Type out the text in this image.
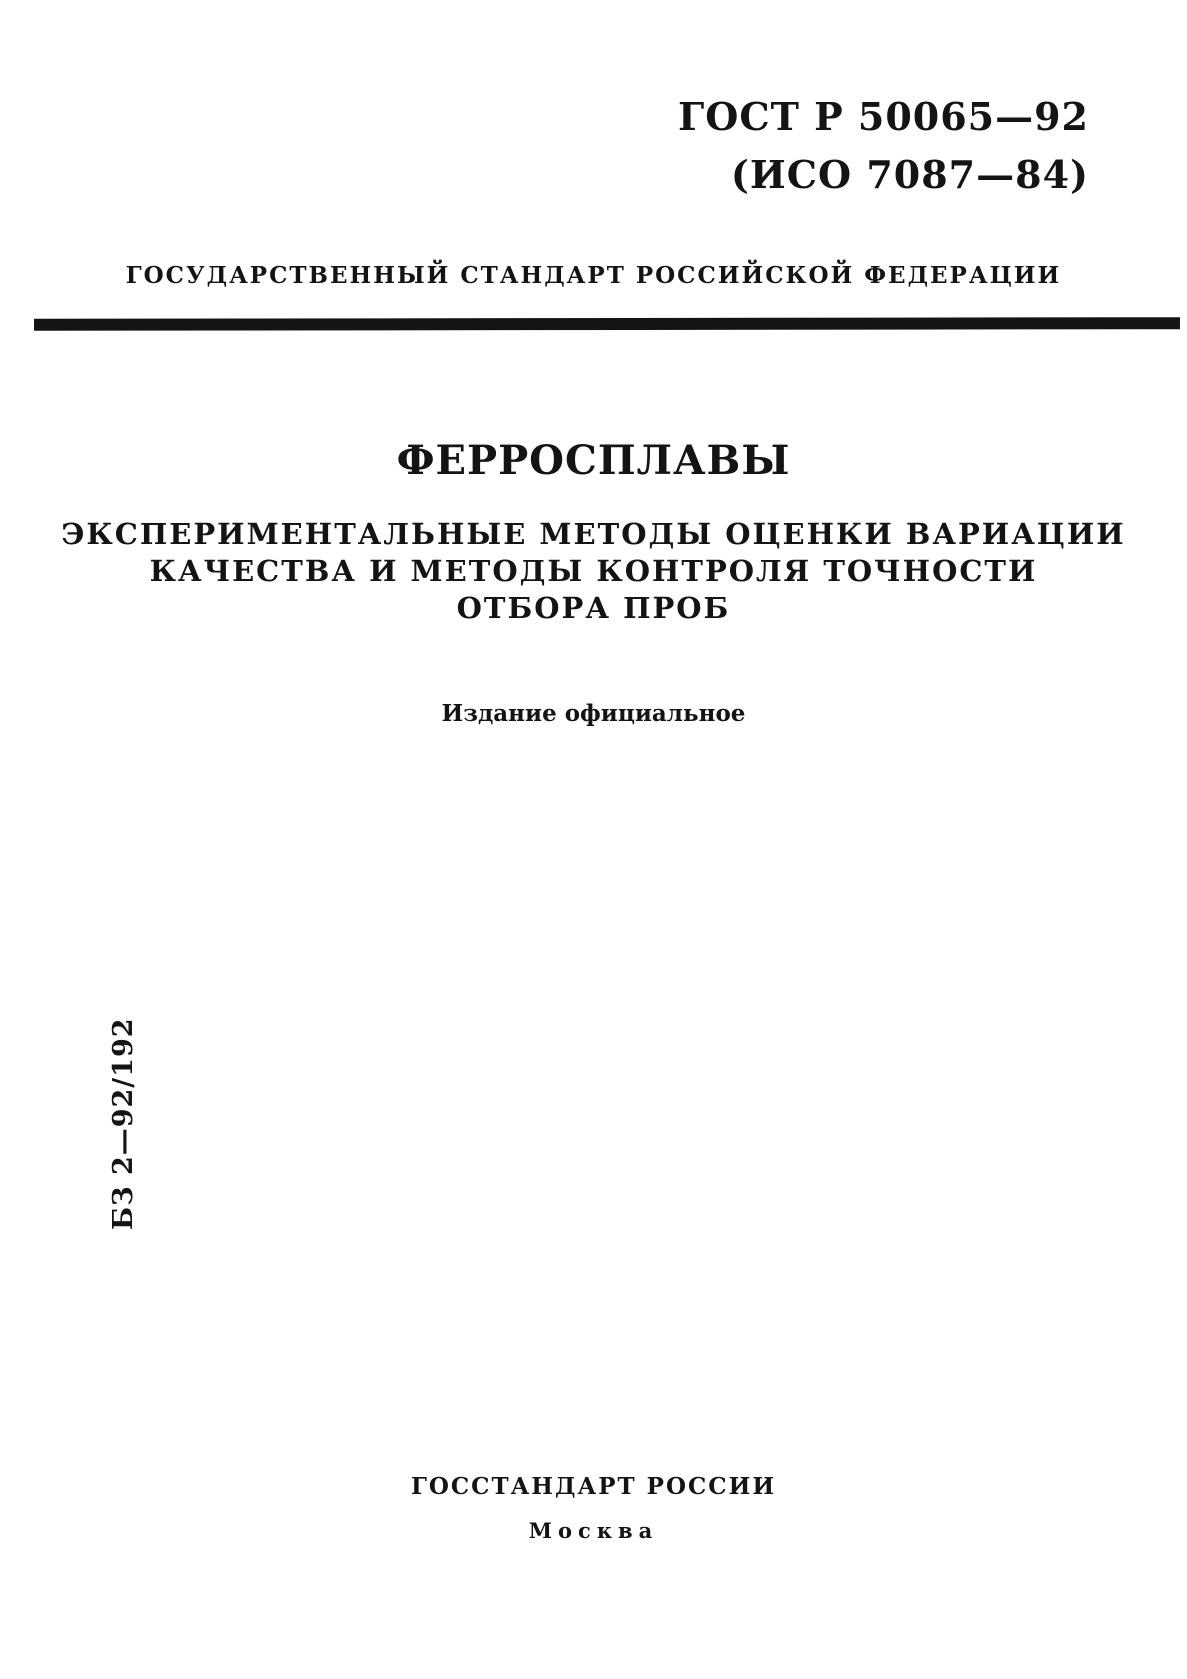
ГОСТ Р 50065—92
(ИСО 7087—84)
ГОСУДАРСТВЕННЫЙ СТАНДАРТ РОССИЙСКОЙ ФЕДЕРАЦИИ
ФЕРРОСПЛАВЫ
ЭКСПЕРИМЕНТАЛЬНЫЕ МЕТОДЫ ОЦЕНКИ ВАРИАЦИИ
КАЧЕСТВА И МЕТОДЫ КОНТРОЛЯ ТОЧНОСТИ
ОТБОРА ПРОБ
Издание официальное
БЗ 2—92/192
ГОССТАНДАРТ РОССИИ
Москва
